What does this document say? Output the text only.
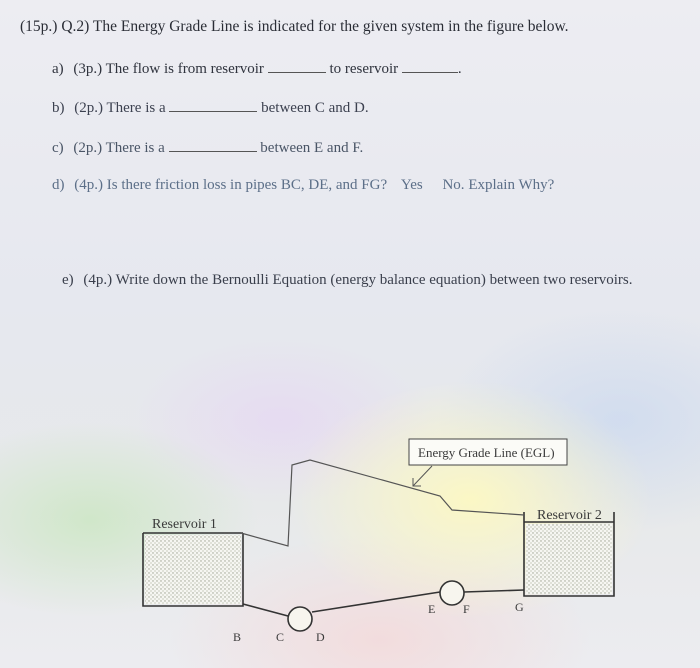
(15p.) Q.2) The Energy Grade Line is indicated for the given system in the figure below.
a) (3p.) The flow is from reservoir	to reservoir	.
b) (2p.) There is a	between C and D.
c) (2p.) There is a	between E and F.
d) (4p.) Is there friction loss in pipes BC, DE, and FG? Yes No. Explain Why?
e) (4p.) Write down the Bernoulli Equation (energy balance equation) between two reservoirs.
Reservoir 1
Reservoir 2
Energy Grade Line (EGL)
B	C	D
E F	G
